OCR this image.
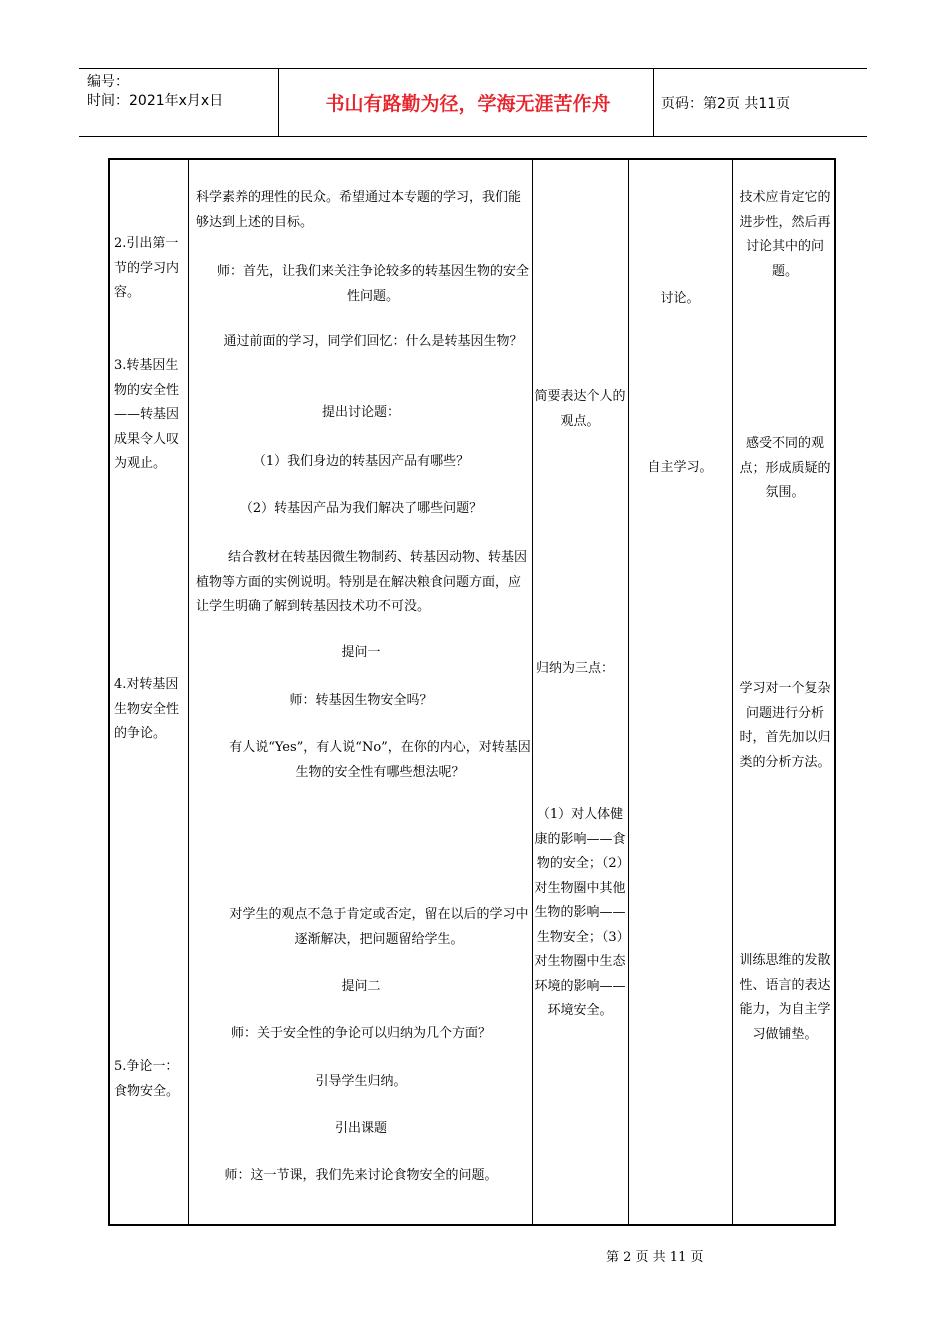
编号：
时间：2021年x月x日	书山有路勤为径，学海无涯苦作舟	页码：第2页 共11页
2.引出第一节的学习内容。
3.转基因生物的安全性——转基因成果令人叹为观止。
4.对转基因生物安全性的争论。
5.争论一：食物安全。
科学素养的理性的民众。希望通过本专题的学习，我们能够达到上述的目标。
师：首先，让我们来关注争论较多的转基因生物的安全性问题。
通过前面的学习，同学们回忆：什么是转基因生物？
提出讨论题：
（1）我们身边的转基因产品有哪些？
（2）转基因产品为我们解决了哪些问题？
结合教材在转基因微生物制药、转基因动物、转基因植物等方面的实例说明。特别是在解决粮食问题方面，应让学生明确了解到转基因技术功不可没。
提问一
师：转基因生物安全吗？
有人说“Yes”，有人说“No”，在你的内心，对转基因生物的安全性有哪些想法呢？
对学生的观点不急于肯定或否定，留在以后的学习中逐渐解决，把问题留给学生。
提问二
师：关于安全性的争论可以归纳为几个方面？
引导学生归纳。
引出课题
师：这一节课，我们先来讨论食物安全的问题。
简要表达个人的观点。
归纳为三点：
（1）对人体健康的影响——食物的安全；（2）对生物圈中其他生物的影响——生物安全；（3）对生物圈中生态环境的影响——环境安全。
讨论。
自主学习。
技术应肯定它的进步性，然后再讨论其中的问题。
感受不同的观点；形成质疑的氛围。
学习对一个复杂问题进行分析时，首先加以归类的分析方法。
训练思维的发散性、语言的表达能力，为自主学习做铺垫。
第 2 页 共 11 页
